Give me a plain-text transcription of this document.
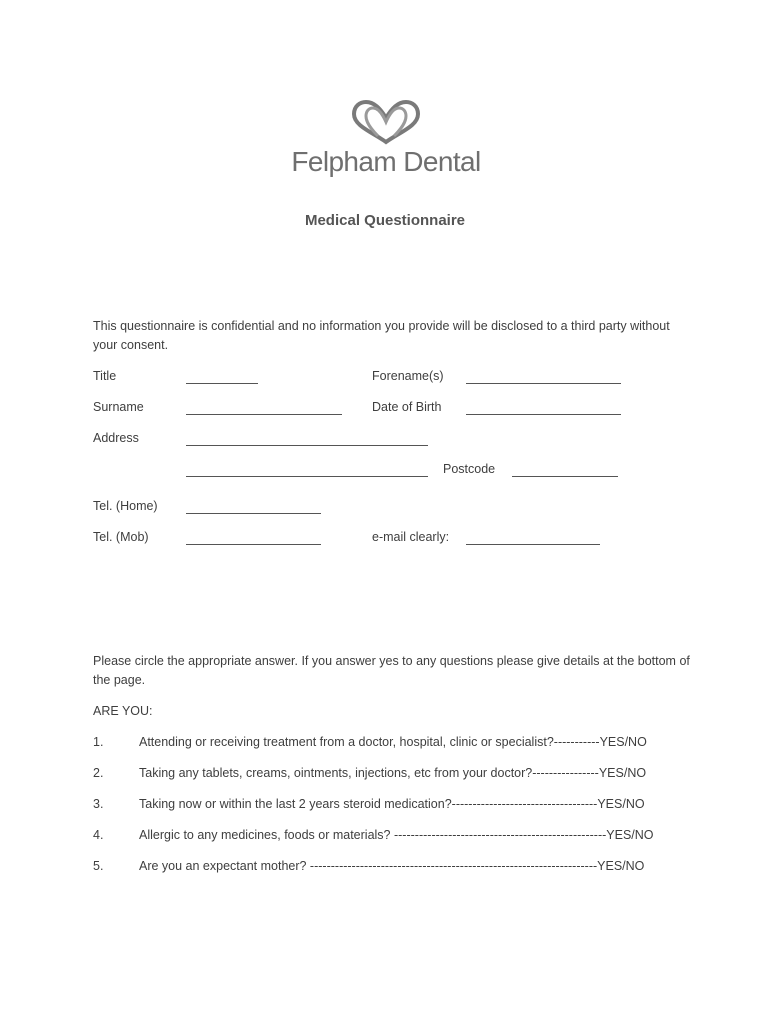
Felpham Dental
Medical Questionnaire
This questionnaire is confidential and no information you provide will be disclosed to a third party without your consent.
Title	Forename(s)
Surname	Date of Birth
Address
Postcode
Tel. (Home)
Tel. (Mob)	e-mail clearly:
Please circle the appropriate answer. If you answer yes to any questions please give details at the bottom of the page.
ARE YOU:
1.	Attending or receiving treatment from a doctor, hospital, clinic or specialist?-----------YES/NO
2.	Taking any tablets, creams, ointments, injections, etc from your doctor?----------------YES/NO
3.	Taking now or within the last 2 years steroid medication?-----------------------------------YES/NO
4.	Allergic to any medicines, foods or materials? ---------------------------------------------------YES/NO
5.	Are you an expectant mother? ---------------------------------------------------------------------YES/NO
